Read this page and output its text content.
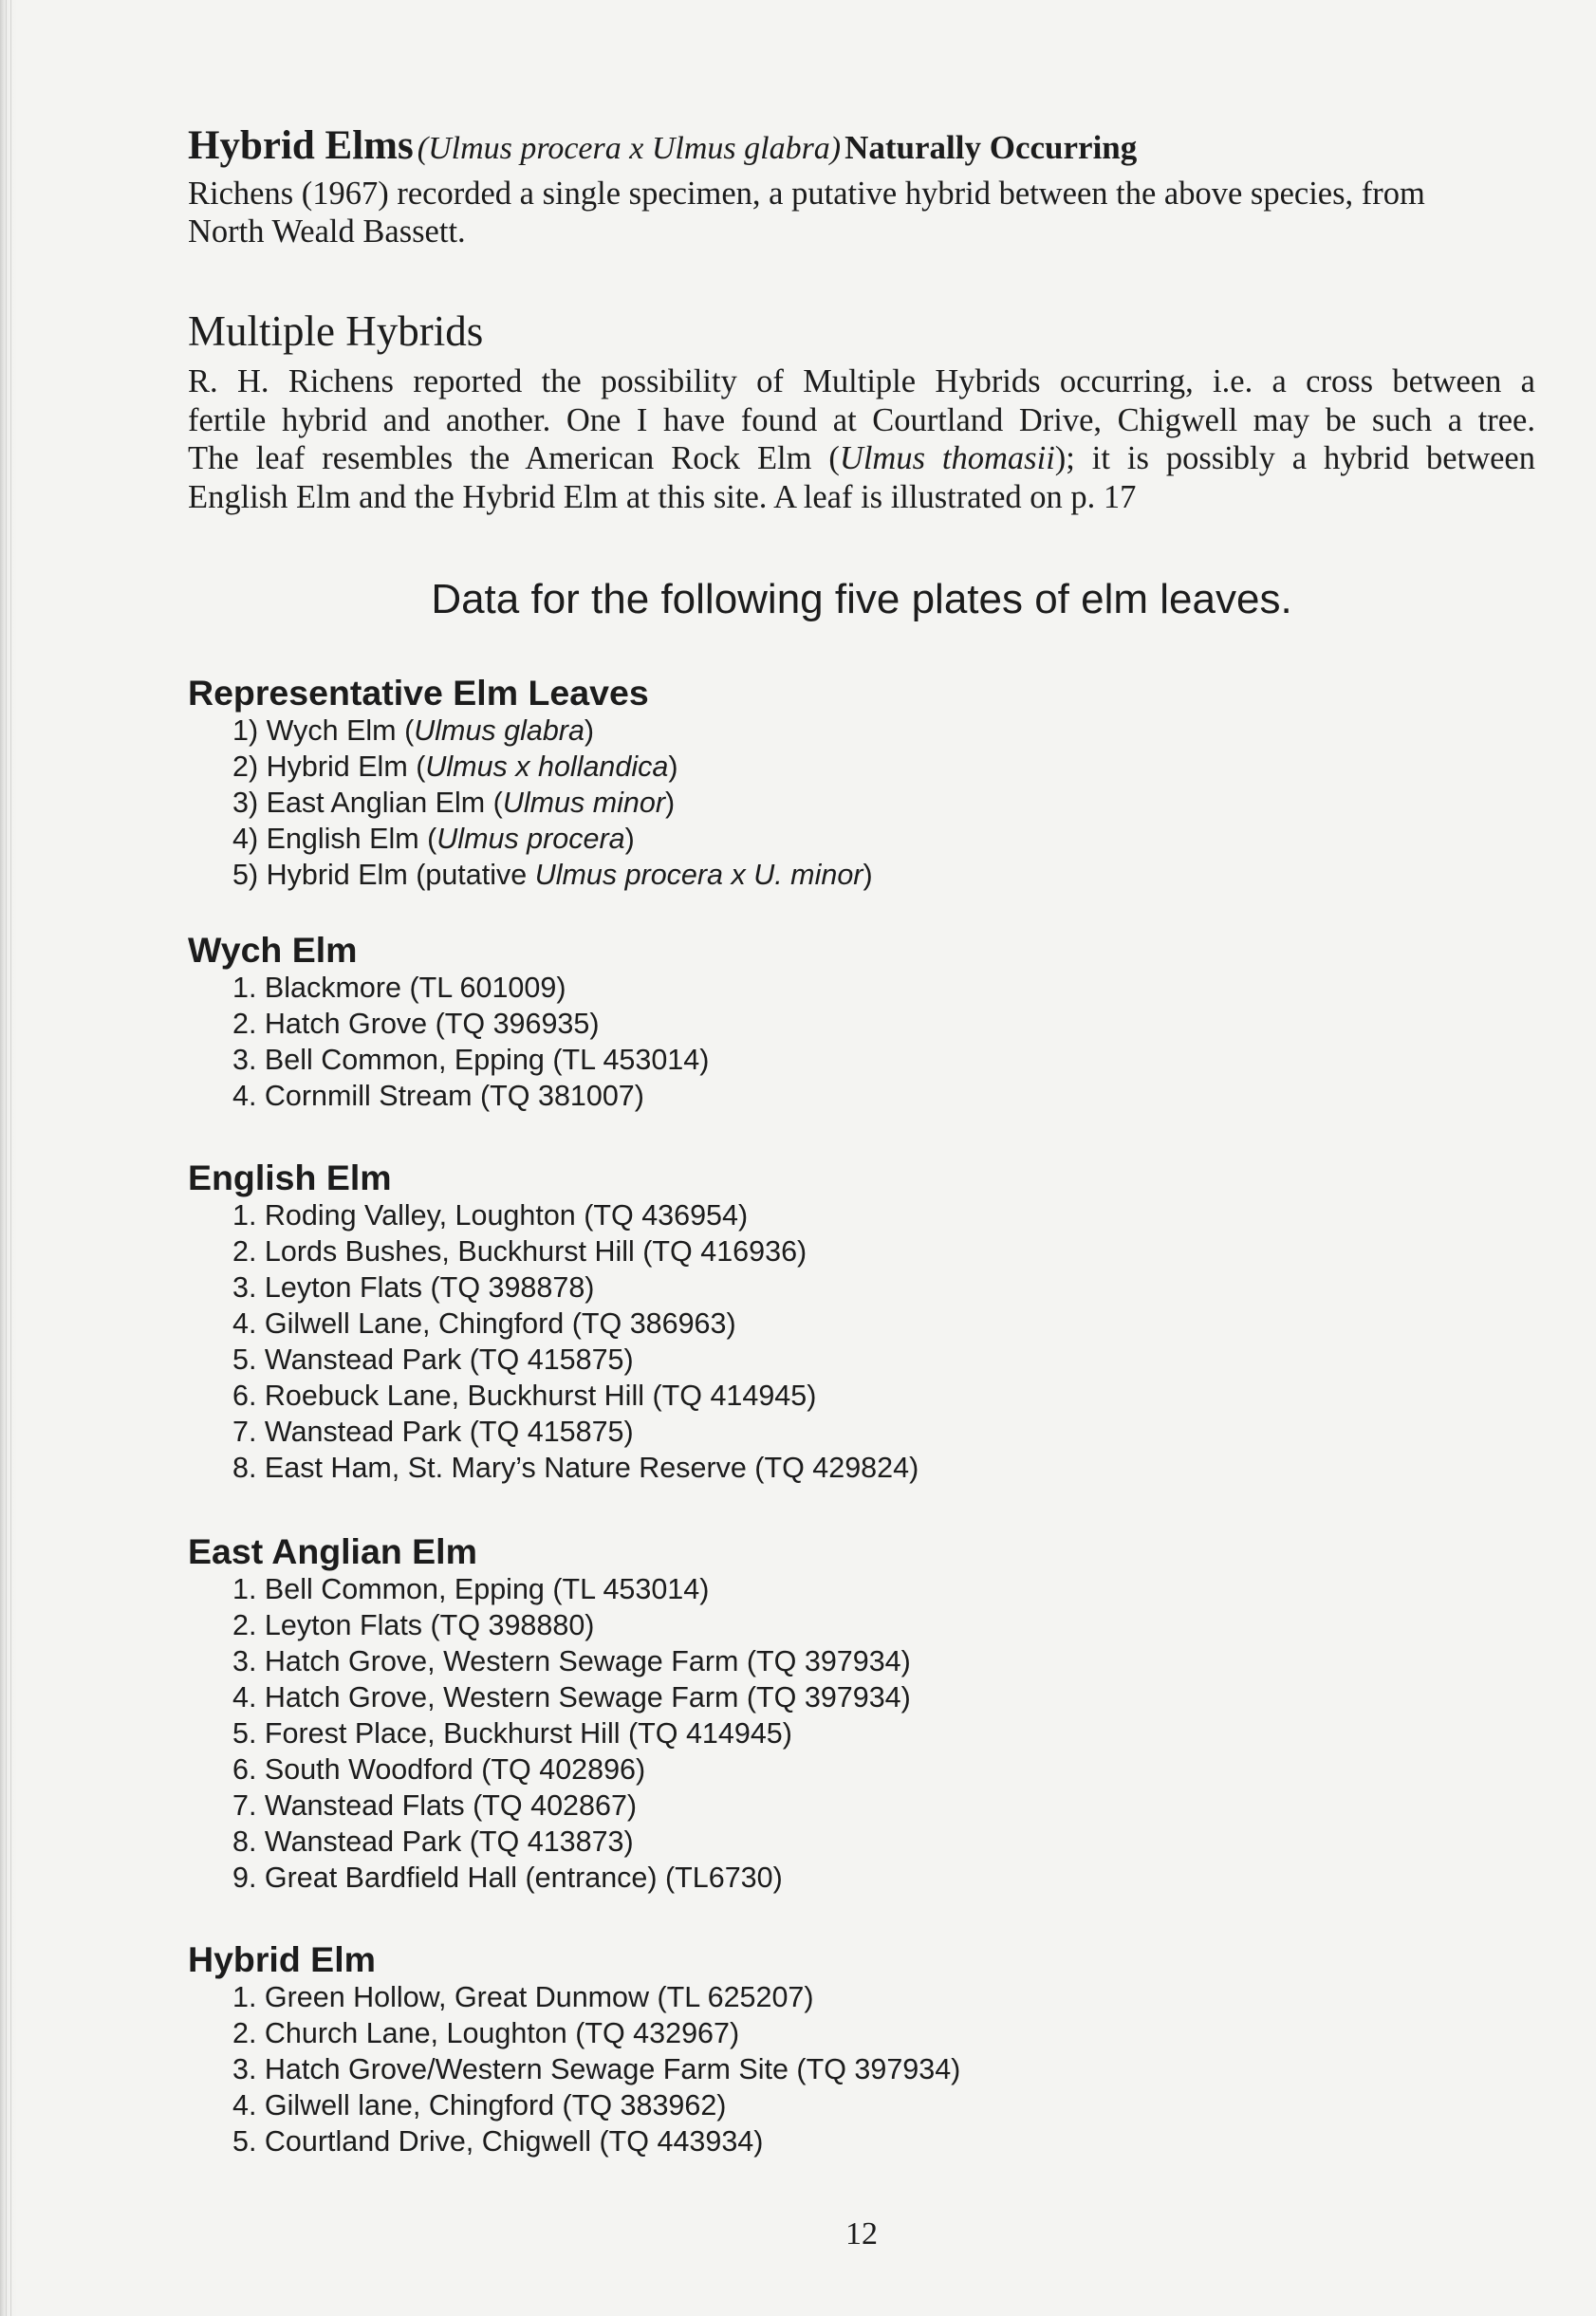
Hybrid Elms (Ulmus procera x Ulmus glabra) Naturally Occurring

Richens (1967) recorded a single specimen, a putative hybrid between the above species, from
North Weald Bassett.

Multiple Hybrids

R. H. Richens reported the possibility of Multiple Hybrids occurring, i.e. a cross between a
fertile hybrid and another. One I have found at Courtland Drive, Chigwell may be such a tree.
The leaf resembles the American Rock Elm (Ulmus thomasii); it is possibly a hybrid between
English Elm and the Hybrid Elm at this site. A leaf is illustrated on p. 17

Data for the following five plates of elm leaves.
Representative Elm Leaves
1) Wych Elm (Ulmus glabra)
2) Hybrid Elm (Ulmus x hollandica)
3) East Anglian Elm (Ulmus minor)
4) English Elm (Ulmus procera)
5) Hybrid Elm (putative Ulmus procera x U. minor)
Wych Elm
1. Blackmore (TL 601009)
2. Hatch Grove (TQ 396935)
3. Bell Common, Epping (TL 453014)
4. Cornmill Stream (TQ 381007)
English Elm
1. Roding Valley, Loughton (TQ 436954)
2. Lords Bushes, Buckhurst Hill (TQ 416936)
3. Leyton Flats (TQ 398878)
4. Gilwell Lane, Chingford (TQ 386963)
5. Wanstead Park (TQ 415875)
6. Roebuck Lane, Buckhurst Hill (TQ 414945)
7. Wanstead Park (TQ 415875)
8. East Ham, St. Mary’s Nature Reserve (TQ 429824)
East Anglian Elm
1. Bell Common, Epping (TL 453014)
2. Leyton Flats (TQ 398880)
3. Hatch Grove, Western Sewage Farm (TQ 397934)
4. Hatch Grove, Western Sewage Farm (TQ 397934)
5. Forest Place, Buckhurst Hill (TQ 414945)
6. South Woodford (TQ 402896)
7. Wanstead Flats (TQ 402867)
8. Wanstead Park (TQ 413873)
9. Great Bardfield Hall (entrance) (TL6730)
Hybrid Elm
1. Green Hollow, Great Dunmow (TL 625207)
2. Church Lane, Loughton (TQ 432967)
3. Hatch Grove/Western Sewage Farm Site (TQ 397934)
4. Gilwell lane, Chingford (TQ 383962)
5. Courtland Drive, Chigwell (TQ 443934)
12
